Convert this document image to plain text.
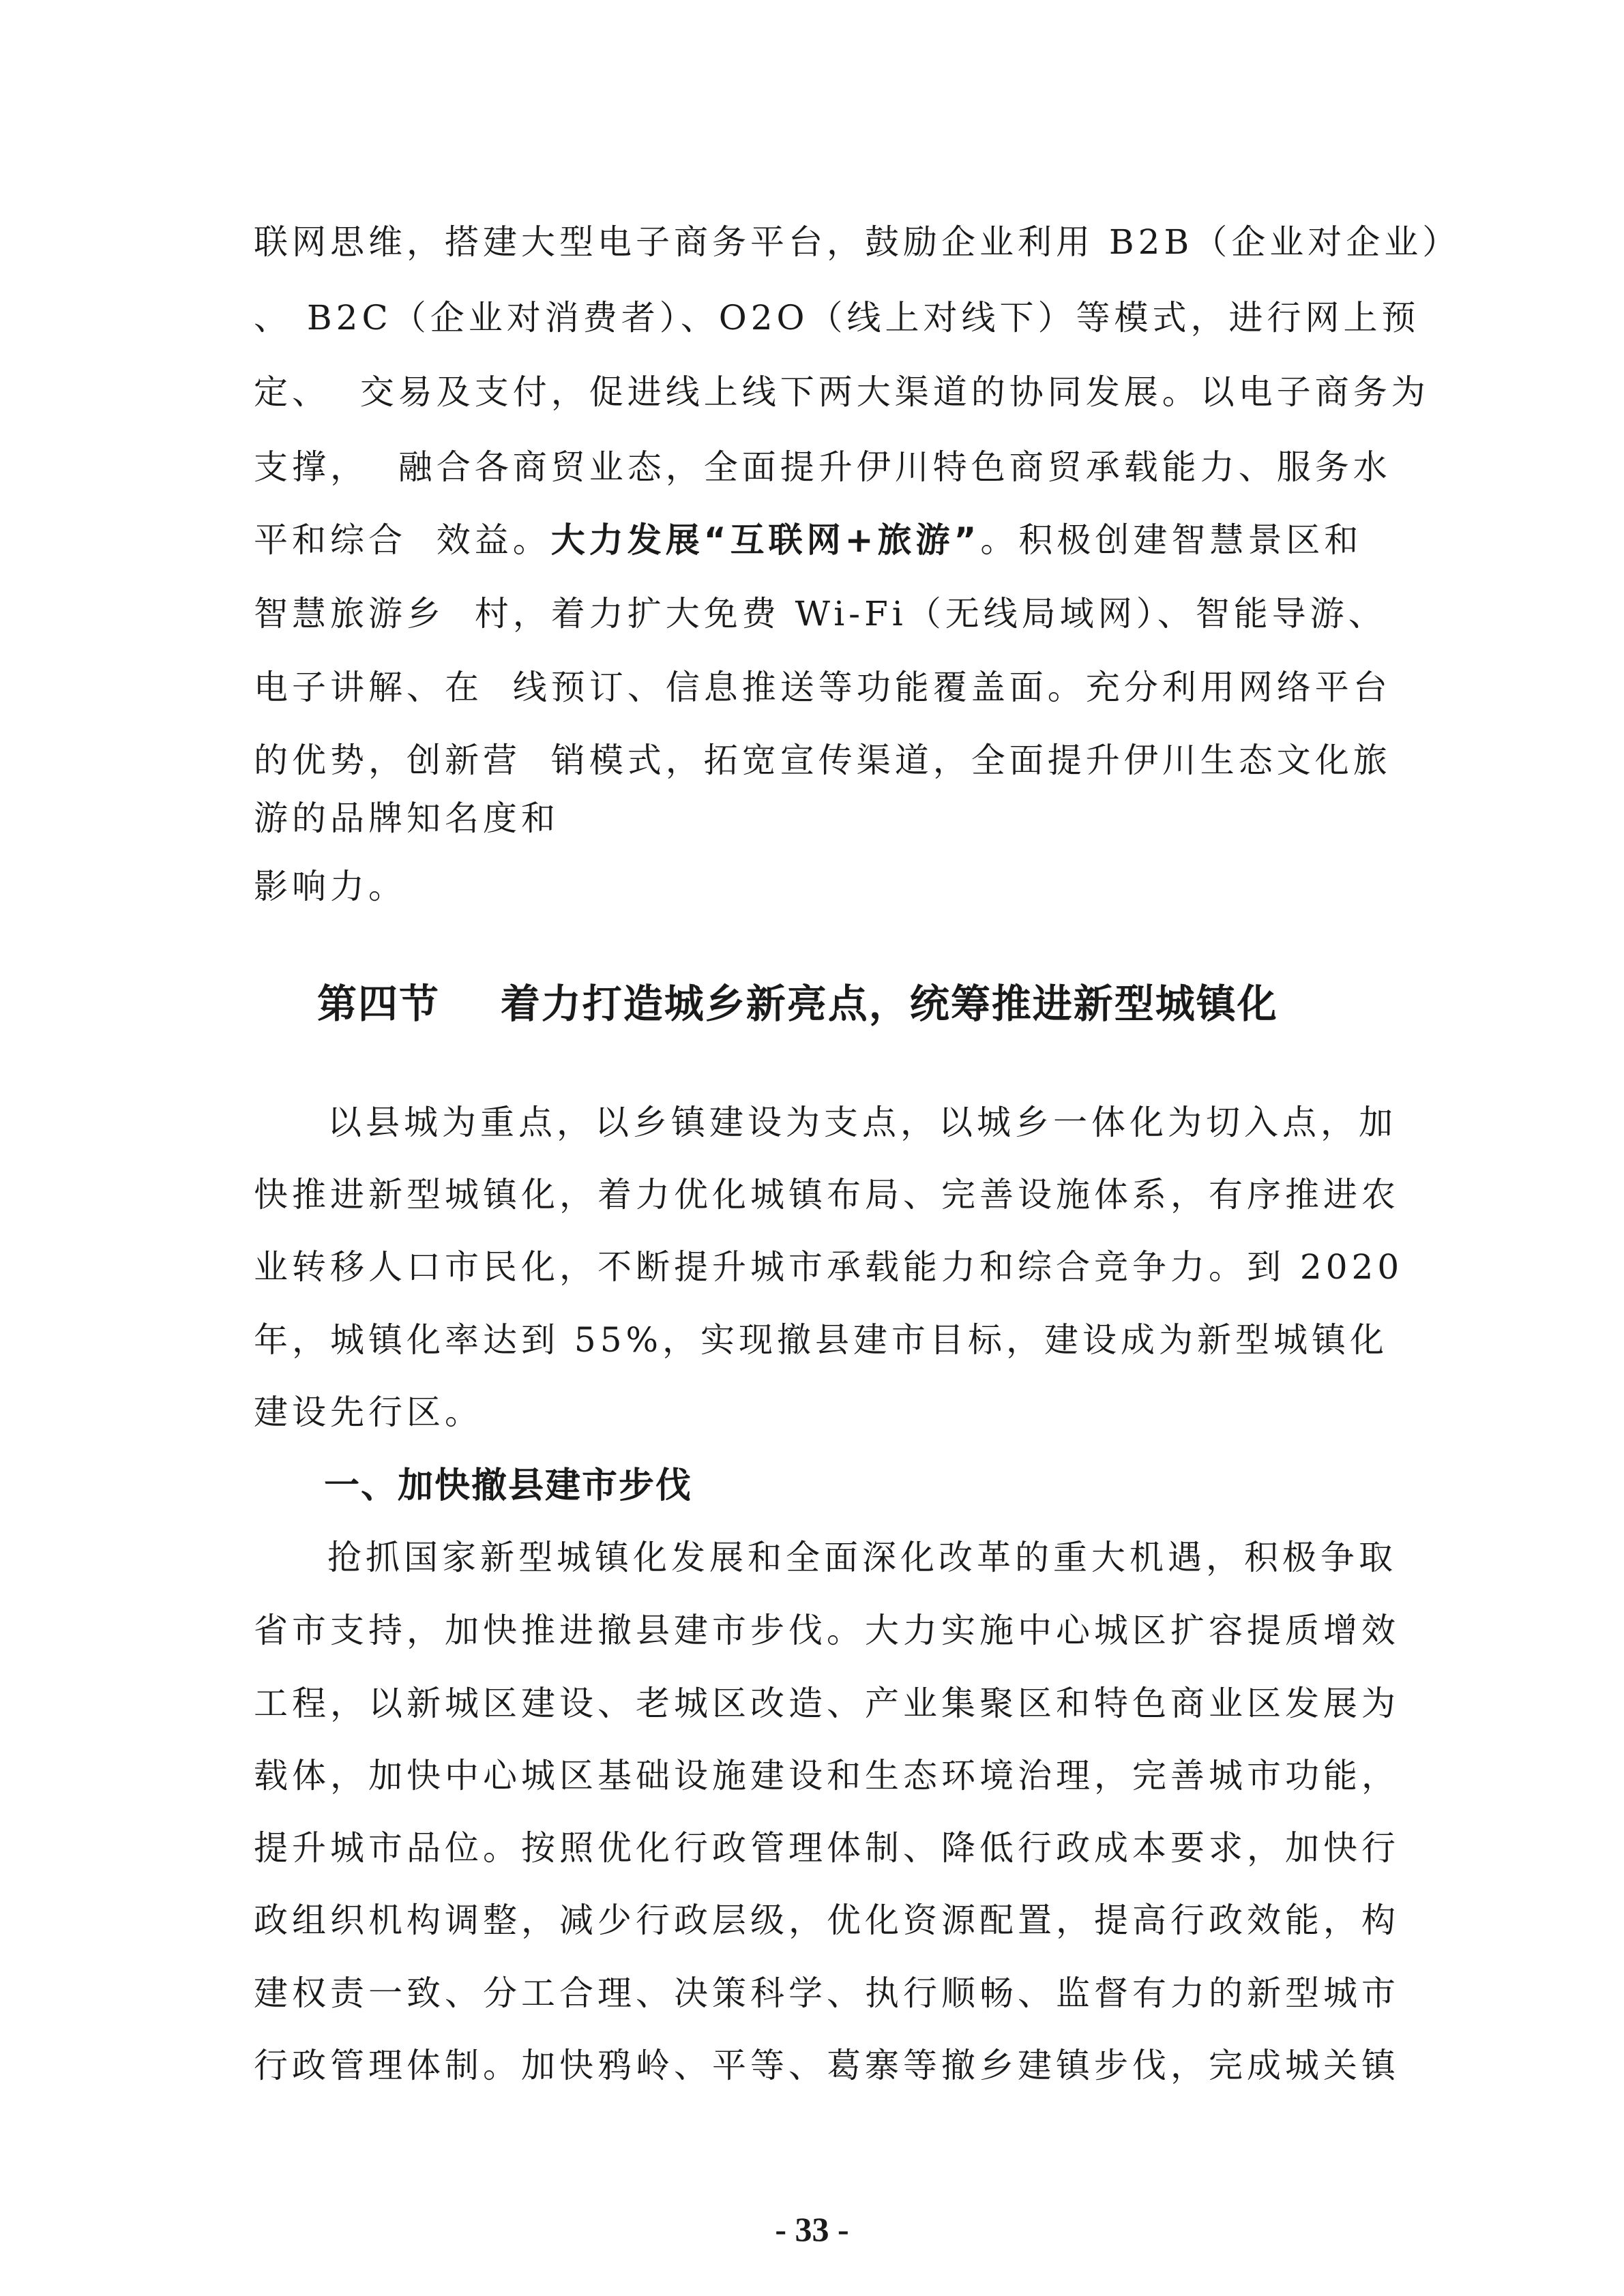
联网思维，搭建大型电子商务平台，鼓励企业利用 B2B（企业对企业）
、 B2C（企业对消费者）、O2O（线上对线下）等模式，进行网上预
定、  交易及支付，促进线上线下两大渠道的协同发展。以电子商务为
支撑，  融合各商贸业态，全面提升伊川特色商贸承载能力、服务水
平和综合  效益。大力发展“互联网+旅游”。积极创建智慧景区和
智慧旅游乡  村，着力扩大免费 Wi-Fi（无线局域网）、智能导游、
电子讲解、在  线预订、信息推送等功能覆盖面。充分利用网络平台
的优势，创新营  销模式，拓宽宣传渠道，全面提升伊川生态文化旅
游的品牌知名度和
影响力。
第四节    着力打造城乡新亮点，统筹推进新型城镇化
以县城为重点，以乡镇建设为支点，以城乡一体化为切入点，加
快推进新型城镇化，着力优化城镇布局、完善设施体系，有序推进农
业转移人口市民化，不断提升城市承载能力和综合竞争力。到 2020
年，城镇化率达到 55%，实现撤县建市目标，建设成为新型城镇化
建设先行区。
一、加快撤县建市步伐
抢抓国家新型城镇化发展和全面深化改革的重大机遇，积极争取
省市支持，加快推进撤县建市步伐。大力实施中心城区扩容提质增效
工程，以新城区建设、老城区改造、产业集聚区和特色商业区发展为
载体，加快中心城区基础设施建设和生态环境治理，完善城市功能，
提升城市品位。按照优化行政管理体制、降低行政成本要求，加快行
政组织机构调整，减少行政层级，优化资源配置，提高行政效能，构
建权责一致、分工合理、决策科学、执行顺畅、监督有力的新型城市
行政管理体制。加快鸦岭、平等、葛寨等撤乡建镇步伐，完成城关镇
- 33 -
